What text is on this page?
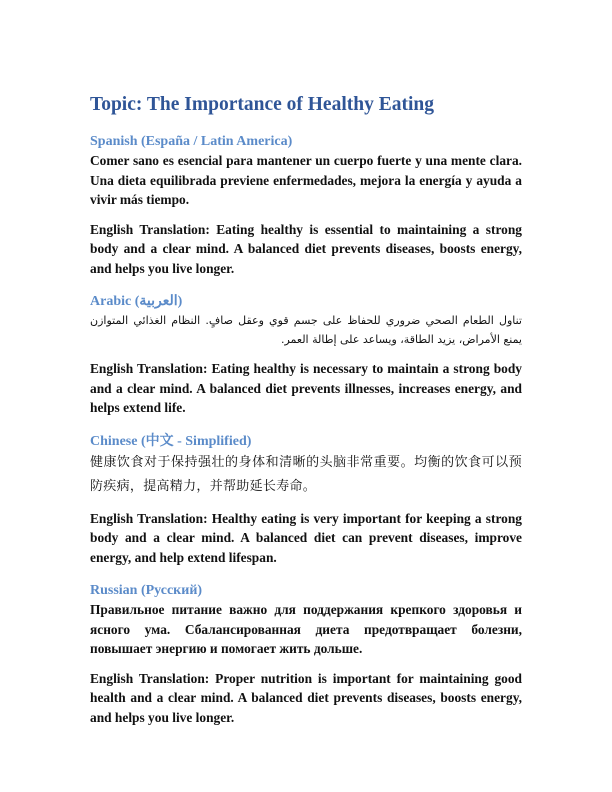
Topic: The Importance of Healthy Eating
Spanish (España / Latin America)

Comer sano es esencial para mantener un cuerpo fuerte y una mente clara. Una dieta equilibrada previene enfermedades, mejora la energía y ayuda a vivir más tiempo.

English Translation: Eating healthy is essential to maintaining a strong body and a clear mind. A balanced diet prevents diseases, boosts energy, and helps you live longer.

Arabic (العربية)

تناول الطعام الصحي ضروري للحفاظ على جسم قوي وعقل صافٍ. النظام الغذائي المتوازن يمنع الأمراض، يزيد الطاقة، ويساعد على إطالة العمر.

English Translation: Eating healthy is necessary to maintain a strong body and a clear mind. A balanced diet prevents illnesses, increases energy, and helps extend life.

Chinese (中文 - Simplified)

健康饮食对于保持强壮的身体和清晰的头脑非常重要。均衡的饮食可以预防疾病，提高精力，并帮助延长寿命。

English Translation: Healthy eating is very important for keeping a strong body and a clear mind. A balanced diet can prevent diseases, improve energy, and help extend lifespan.

Russian (Русский)

Правильное питание важно для поддержания крепкого здоровья и ясного ума. Сбалансированная диета предотвращает болезни, повышает энергию и помогает жить дольше.

English Translation: Proper nutrition is important for maintaining good health and a clear mind. A balanced diet prevents diseases, boosts energy, and helps you live longer.
